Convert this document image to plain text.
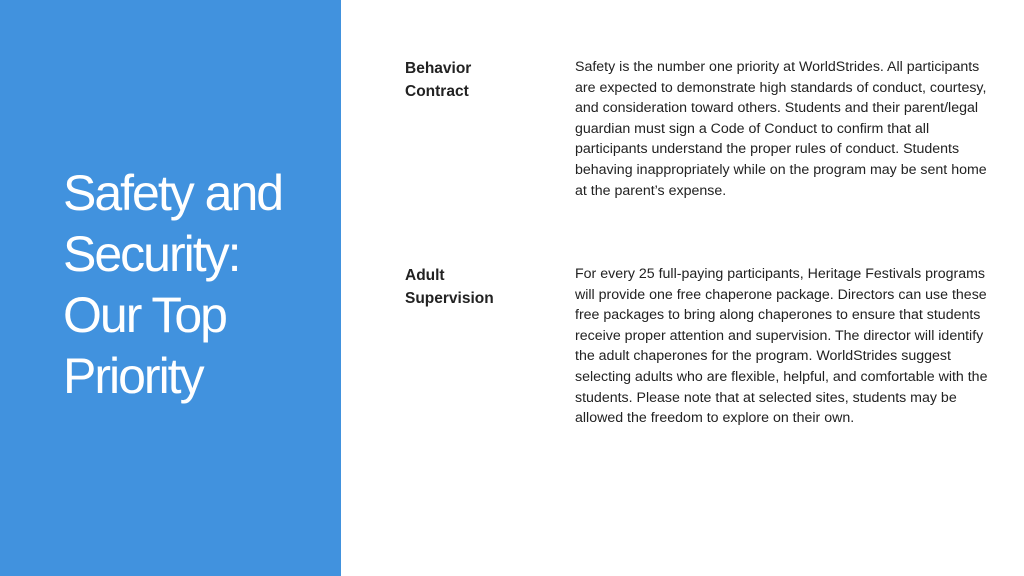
Safety and
Security:
Our Top
Priority
Behavior
Contract

Safety is the number one priority at WorldStrides. All participants are expected to demonstrate high standards of conduct, courtesy, and consideration toward others. Students and their parent/legal guardian must sign a Code of Conduct to confirm that all participants understand the proper rules of conduct. Students behaving inappropriately while on the program may be sent home at the parent’s expense.

Adult
Supervision

For every 25 full-paying participants, Heritage Festivals programs will provide one free chaperone package. Directors can use these free packages to bring along chaperones to ensure that students receive proper attention and supervision. The director will identify the adult chaperones for the program. WorldStrides suggest selecting adults who are flexible, helpful, and comfortable with the students. Please note that at selected sites, students may be allowed the freedom to explore on their own.
